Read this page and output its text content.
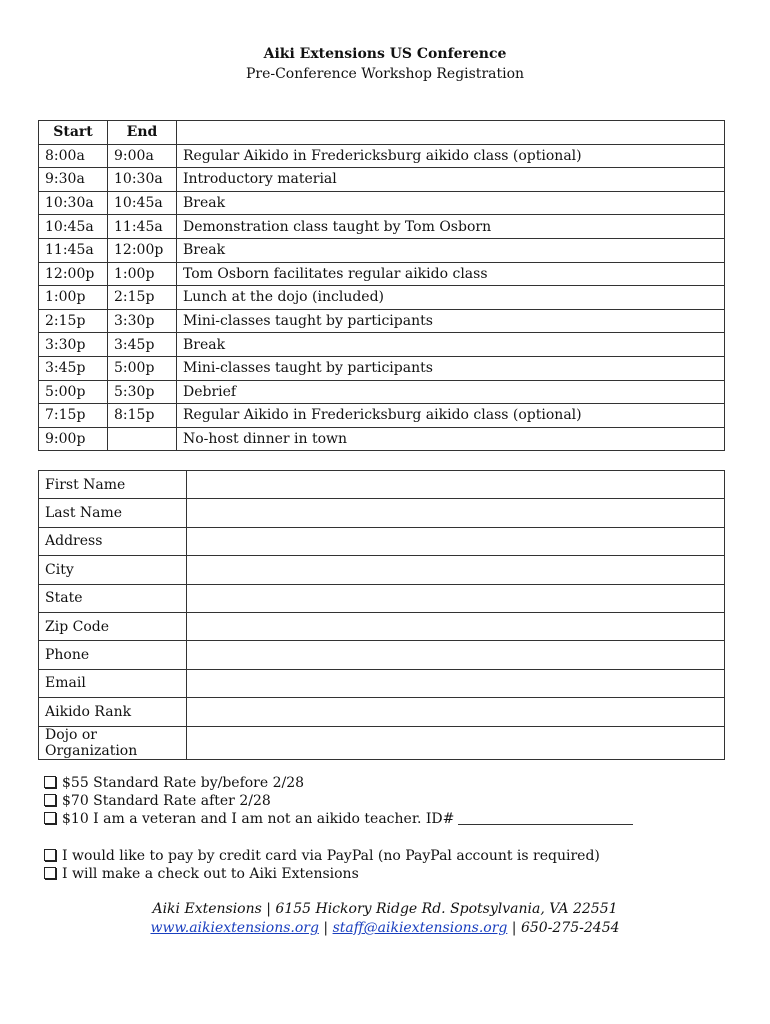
Aiki Extensions US Conference
Pre-Conference Workshop Registration
Start	End	
8:00a	9:00a	Regular Aikido in Fredericksburg aikido class (optional)
9:30a	10:30a	Introductory material
10:30a	10:45a	Break
10:45a	11:45a	Demonstration class taught by Tom Osborn
11:45a	12:00p	Break
12:00p	1:00p	Tom Osborn facilitates regular aikido class
1:00p	2:15p	Lunch at the dojo (included)
2:15p	3:30p	Mini-classes taught by participants
3:30p	3:45p	Break
3:45p	5:00p	Mini-classes taught by participants
5:00p	5:30p	Debrief
7:15p	8:15p	Regular Aikido in Fredericksburg aikido class (optional)
9:00p		No-host dinner in town
First Name	
Last Name	
Address	
City	
State	
Zip Code	
Phone	
Email	
Aikido Rank	
Dojo or Organization	
$55 Standard Rate by/before 2/28
$70 Standard Rate after 2/28
$10 I am a veteran and I am not an aikido teacher. ID#
I would like to pay by credit card via PayPal (no PayPal account is required)
I will make a check out to Aiki Extensions
Aiki Extensions | 6155 Hickory Ridge Rd. Spotsylvania, VA 22551
www.aikiextensions.org | staff@aikiextensions.org | 650-275-2454
